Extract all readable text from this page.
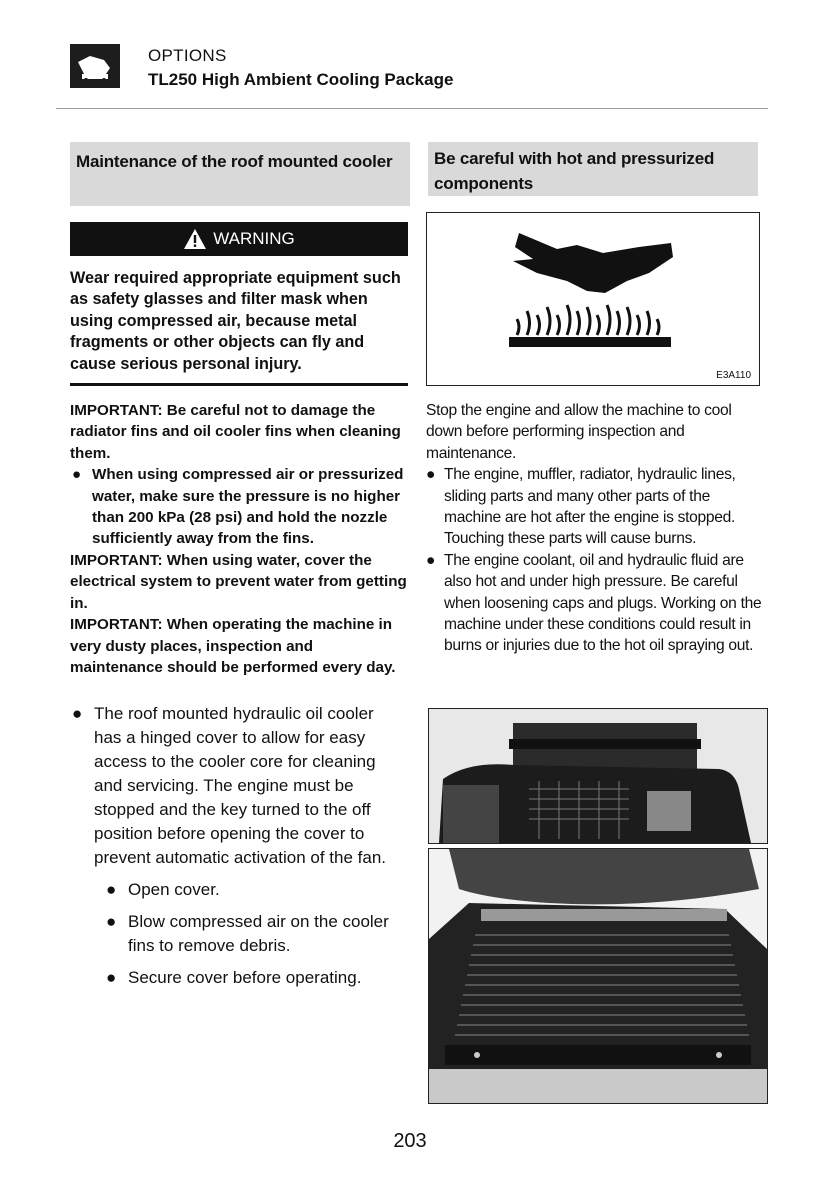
OPTIONS
TL250 High Ambient Cooling Package
Maintenance of the roof mounted cooler
WARNING
Wear required appropriate equipment such as safety glasses and filter mask when using compressed air, because metal fragments or other objects can fly and cause serious personal injury.

IMPORTANT: Be careful not to damage the radiator fins and oil cooler fins when cleaning them.

● When using compressed air or pressurized water, make sure the pressure is no higher than 200 kPa (28 psi) and hold the nozzle sufficiently away from the fins.

IMPORTANT: When using water, cover the electrical system to prevent water from getting in.

IMPORTANT: When operating the machine in very dusty places, inspection and maintenance should be performed every day.

● The roof mounted hydraulic oil cooler has a hinged cover to allow for easy access to the cooler core for cleaning and servicing. The engine must be stopped and the key turned to the off position before opening the cover to prevent automatic activation of the fan.
● Open cover.
● Blow compressed air on the cooler fins to remove debris.
● Secure cover before operating.
Be careful with hot and pressurized components
E3A110

Stop the engine and allow the machine to cool down before performing inspection and maintenance.

● The engine, muffler, radiator, hydraulic lines, sliding parts and many other parts of the machine are hot after the engine is stopped. Touching these parts will cause burns.
● The engine coolant, oil and hydraulic fluid are also hot and under high pressure. Be careful when loosening caps and plugs. Working on the machine under these conditions could result in burns or injuries due to the hot oil spraying out.
203
